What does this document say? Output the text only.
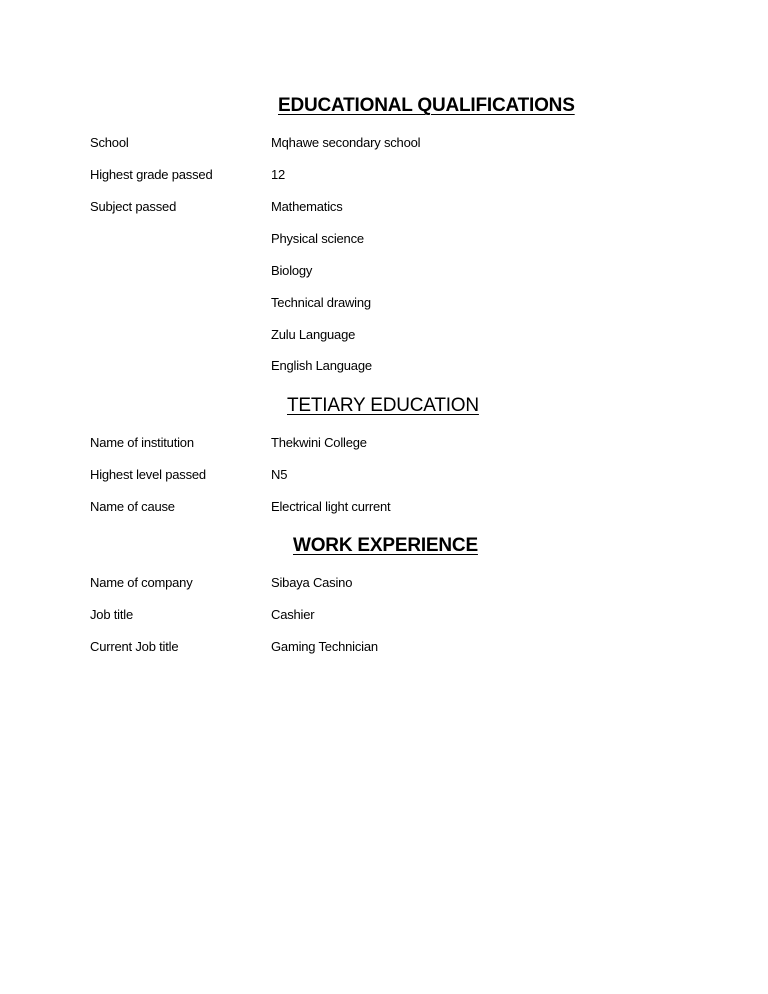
EDUCATIONAL QUALIFICATIONS
School	Mqhawe secondary school
Highest grade passed	12
Subject passed	Mathematics
Physical science
Biology
Technical drawing
Zulu Language
English Language
TETIARY EDUCATION
Name of institution	Thekwini College
Highest level passed	N5
Name of cause	Electrical light current
WORK EXPERIENCE
Name of company	Sibaya Casino
Job title	Cashier
Current Job title	Gaming Technician
